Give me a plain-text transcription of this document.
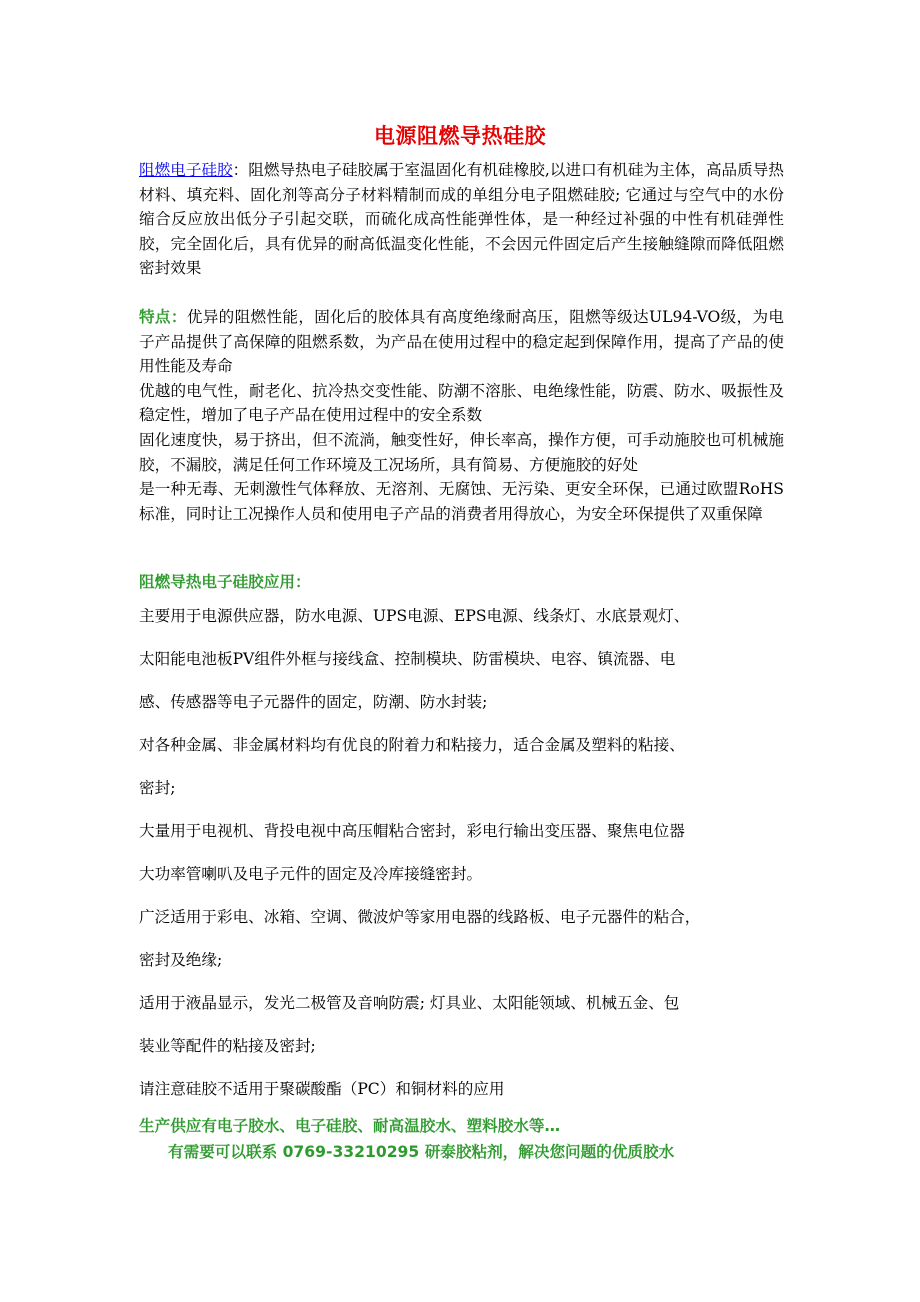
电源阻燃导热硅胶
阻燃电子硅胶：阻燃导热电子硅胶属于室温固化有机硅橡胶,以进口有机硅为主体，高品质导热材料、填充料、固化剂等高分子材料精制而成的单组分电子阻燃硅胶; 它通过与空气中的水份缩合反应放出低分子引起交联，而硫化成高性能弹性体，是一种经过补强的中性有机硅弹性胶，完全固化后，具有优异的耐高低温变化性能，不会因元件固定后产生接触缝隙而降低阻燃密封效果

特点：优异的阻燃性能，固化后的胶体具有高度绝缘耐高压，阻燃等级达UL94-VO级，为电子产品提供了高保障的阻燃系数，为产品在使用过程中的稳定起到保障作用，提高了产品的使用性能及寿命

优越的电气性，耐老化、抗冷热交变性能、防潮不溶胀、电绝缘性能，防震、防水、吸振性及稳定性，增加了电子产品在使用过程中的安全系数

固化速度快，易于挤出，但不流淌，触变性好，伸长率高，操作方便，可手动施胶也可机械施胶，不漏胶，满足任何工作环境及工况场所，具有简易、方便施胶的好处

是一种无毒、无刺激性气体释放、无溶剂、无腐蚀、无污染、更安全环保，已通过欧盟RoHS标准，同时让工况操作人员和使用电子产品的消费者用得放心，为安全环保提供了双重保障

阻燃导热电子硅胶应用：
主要用于电源供应器，防水电源、UPS电源、EPS电源、线条灯、水底景观灯、
太阳能电池板PV组件外框与接线盒、控制模块、防雷模块、电容、镇流器、电
感、传感器等电子元器件的固定，防潮、防水封装;
对各种金属、非金属材料均有优良的附着力和粘接力，适合金属及塑料的粘接、
密封;
大量用于电视机、背投电视中高压帽粘合密封，彩电行输出变压器、聚焦电位器
大功率管喇叭及电子元件的固定及冷库接缝密封。
广泛适用于彩电、冰箱、空调、微波炉等家用电器的线路板、电子元器件的粘合，
密封及绝缘;
适用于液晶显示，发光二极管及音响防震; 灯具业、太阳能领域、机械五金、包
装业等配件的粘接及密封;
请注意硅胶不适用于聚碳酸酯（PC）和铜材料的应用
生产供应有电子胶水、电子硅胶、耐高温胶水、塑料胶水等…
有需要可以联系 0769-33210295 研泰胶粘剂，解决您问题的优质胶水
